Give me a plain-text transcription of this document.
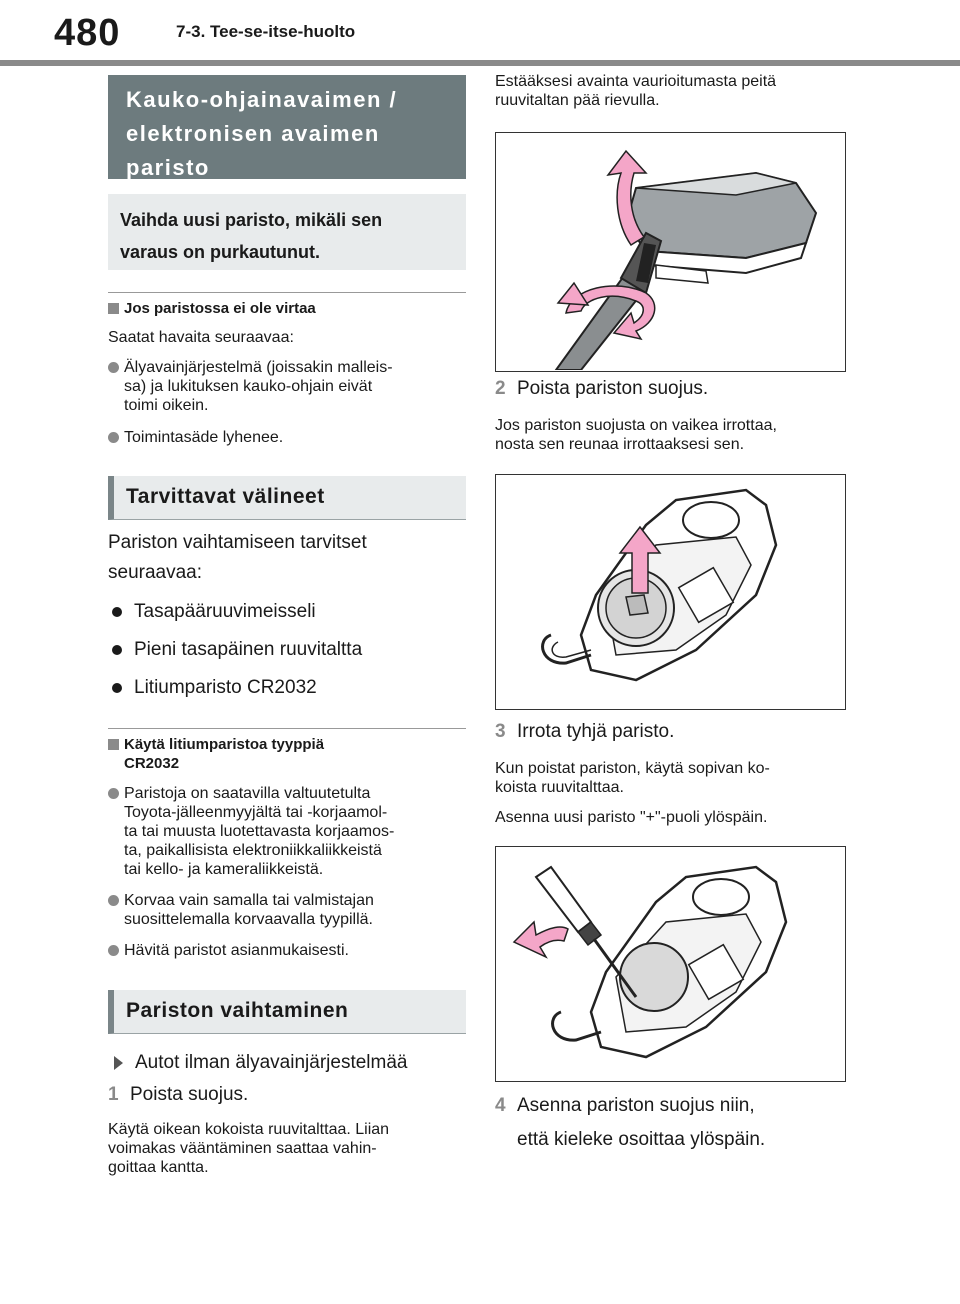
480	7-3. Tee-se-itse-huolto
Kauko-ohjainavaimen /
elektronisen avaimen
paristo
Vaihda uusi paristo, mikäli sen
varaus on purkautunut.
Jos paristossa ei ole virtaa
Saatat havaita seuraavaa:
Älyavainjärjestelmä (joissakin malleis-
sa) ja lukituksen kauko-ohjain eivät
toimi oikein.
Toimintasäde lyhenee.
Tarvittavat välineet
Pariston vaihtamiseen tarvitset
seuraavaa:
Tasapääruuvimeisseli
Pieni tasapäinen ruuvitaltta
Litiumparisto CR2032
Käytä litiumparistoa tyyppiä
CR2032
Paristoja on saatavilla valtuutetulta
Toyota-jälleenmyyjältä tai -korjaamol-
ta tai muusta luotettavasta korjaamos-
ta, paikallisista elektroniikkaliikkeistä
tai kello- ja kameraliikkeistä.
Korvaa vain samalla tai valmistajan
suosittelemalla korvaavalla tyypillä.
Hävitä paristot asianmukaisesti.
Pariston vaihtaminen
Autot ilman älyavainjärjestelmää
1 Poista suojus.
Käytä oikean kokoista ruuvitalttaa. Liian
voimakas vääntäminen saattaa vahin-
goittaa kantta.
Estääksesi avainta vaurioitumasta peitä
ruuvitaltan pää rievulla.
2 Poista pariston suojus.
Jos pariston suojusta on vaikea irrottaa,
nosta sen reunaa irrottaaksesi sen.
3 Irrota tyhjä paristo.
Kun poistat pariston, käytä sopivan ko-
koista ruuvitalttaa.
Asenna uusi paristo "+"-puoli ylöspäin.
4 Asenna pariston suojus niin,
että kieleke osoittaa ylöspäin.
